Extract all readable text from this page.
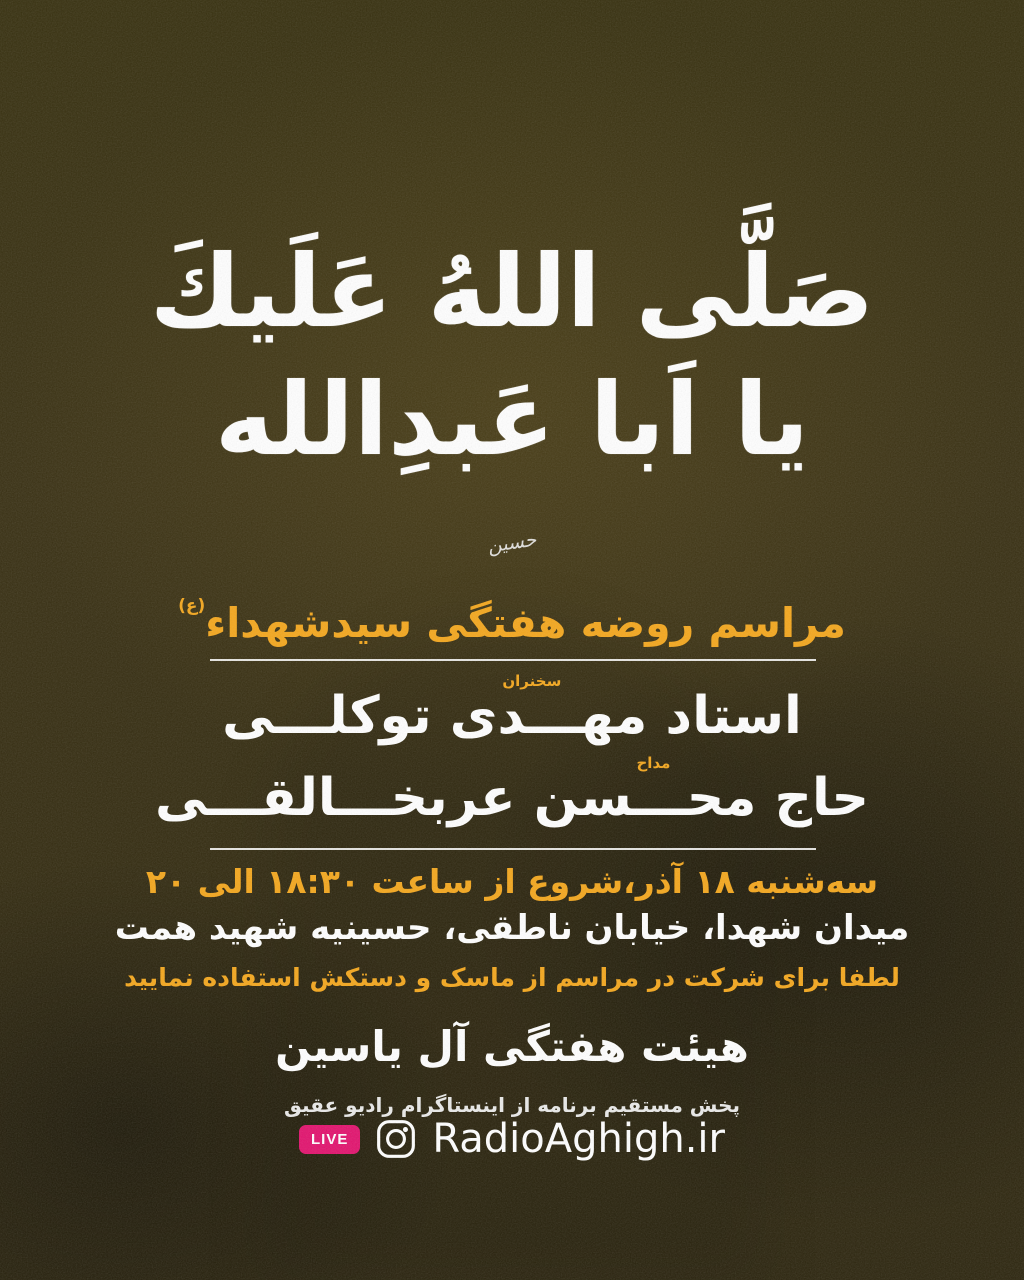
صَلَّى اللهُ عَلَيكَ
يا اَبا عَبدِالله
حسين
مراسم روضه هفتگی سیدشهداء$^{(ع)}$
استاد
سخنران
مهـــدی توکلـــی
حاج
مداح
محـــسن عربخـــالقـــی
سه‌شنبه ۱۸ آذر،شروع از ساعت ۱۸:۳۰ الی ۲۰
میدان شهدا، خیابان ناطقی، حسینیه شهید همت
لطفا برای شرکت در مراسم از ماسک و دستکش استفاده نمایید
هیئت هفتگی آل یاسین
پخش مستقیم برنامه از اینستاگرام رادیو عقیق
LIVE	RadioAghigh.ir
